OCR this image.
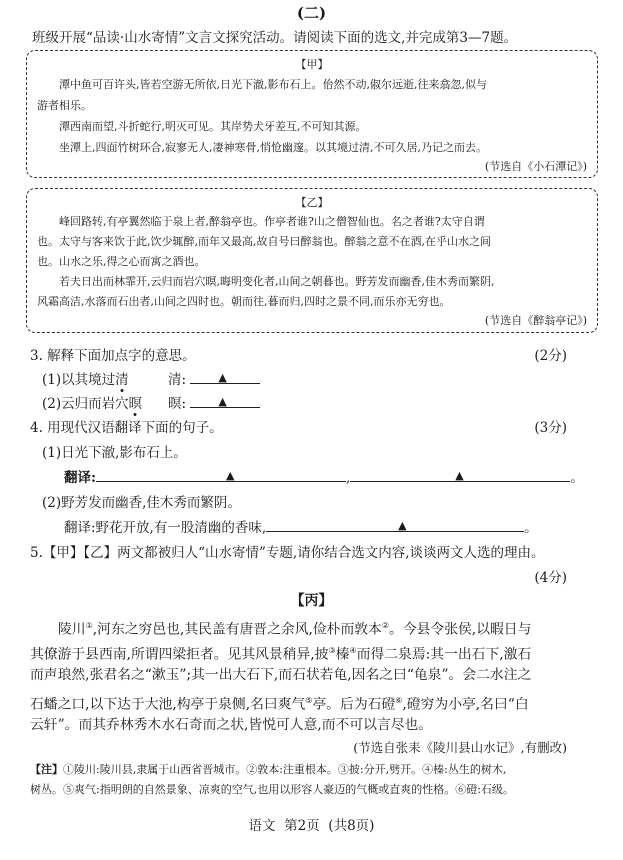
(二)
班级开展“品读·山水寄情”文言文探究活动。请阅读下面的选文,并完成第3—7题。
【甲】
潭中鱼可百许头,皆若空游无所依,日光下澈,影布石上。佁然不动,俶尔远逝,往来翕忽,似与
游者相乐。
潭西南而望,斗折蛇行,明灭可见。其岸势犬牙差互,不可知其源。
坐潭上,四面竹树环合,寂寥无人,凄神寒骨,悄怆幽邃。以其境过清,不可久居,乃记之而去。
(节选自《小石潭记》)
【乙】
峰回路转,有亭翼然临于泉上者,醉翁亭也。作亭者谁?山之僧智仙也。名之者谁?太守自谓
也。太守与客来饮于此,饮少辄醉,而年又最高,故自号曰醉翁也。醉翁之意不在酒,在乎山水之间
也。山水之乐,得之心而寓之酒也。
若夫日出而林霏开,云归而岩穴暝,晦明变化者,山间之朝暮也。野芳发而幽香,佳木秀而繁阴,
风霜高洁,水落而石出者,山间之四时也。朝而往,暮而归,四时之景不同,而乐亦无穷也。
(节选自《醉翁亭记》)
3. 解释下面加点字的意思。	(2分)
(1)以其境过清	清:	▲
(2)云归而岩穴暝 暝:	▲
4. 用现代汉语翻译下面的句子。	(3分)
(1)日光下澈,影布石上。
翻译:	▲	,	▲	。
(2)野芳发而幽香,佳木秀而繁阴。
翻译:野花开放,有一股清幽的香味,	▲	。
5.【甲】【乙】两文都被归人“山水寄情”专题,请你结合选文内容,谈谈两文人选的理由。
(4分)
【丙】
陵川①,河东之穷邑也,其民盖有唐晋之余风,俭朴而敦本②。今县令张侯,以暇日与
其僚游于县西南,所谓四梁拒者。见其风景稍异,披③榛④而得二泉焉:其一出石下,激石
而声琅然,张君名之“漱玉”;其一出大石下,而石状若龟,因名之曰“龟泉”。会二水注之
石蟠之口,以下达于大池,构亭于泉侧,名曰爽气⑤亭。后为石磴⑥,磴穷为小亭,名曰“白
云轩”。而其乔林秀木水石奇而之状,皆悦可人意,而不可以言尽也。
(节选自张耒《陵川县山水记》,有删改)
【注】①陵川:陵川县,隶属于山西省晋城市。②敦本:注重根本。③披:分开,劈开。④榛:丛生的树木,
树丛。⑤爽气:指明朗的自然景象、凉爽的空气,也用以形容人豪迈的气概或直爽的性格。⑥磴:石级。
语文  第2页  (共8页)
